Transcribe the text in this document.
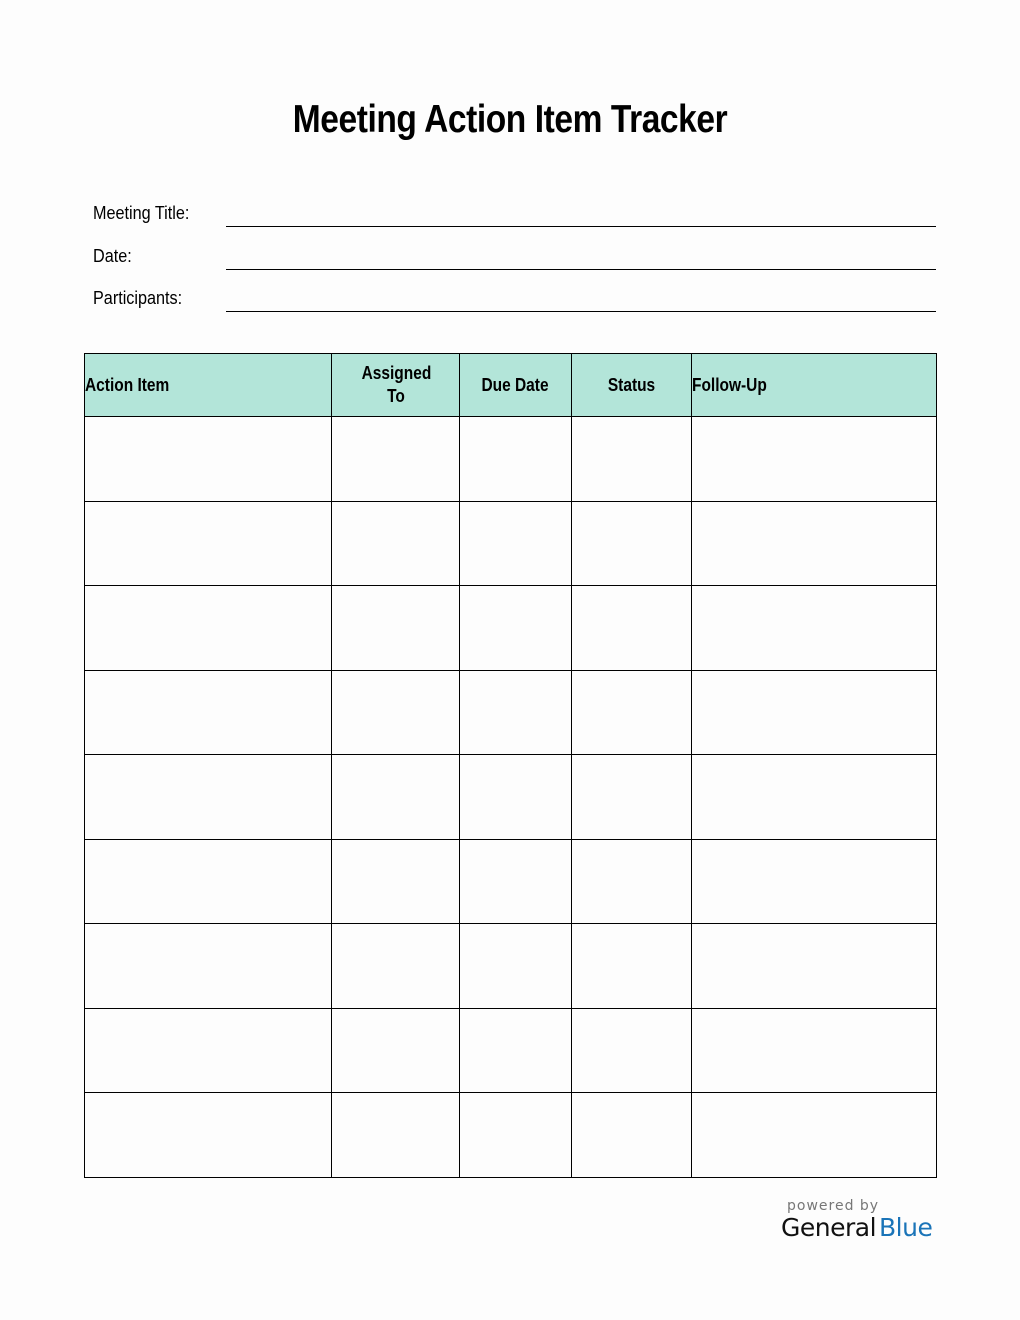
Meeting Action Item Tracker
Meeting Title:
Date:
Participants:
Action Item	Assigned To	Due Date	Status	Follow-Up

powered by
General Blue
